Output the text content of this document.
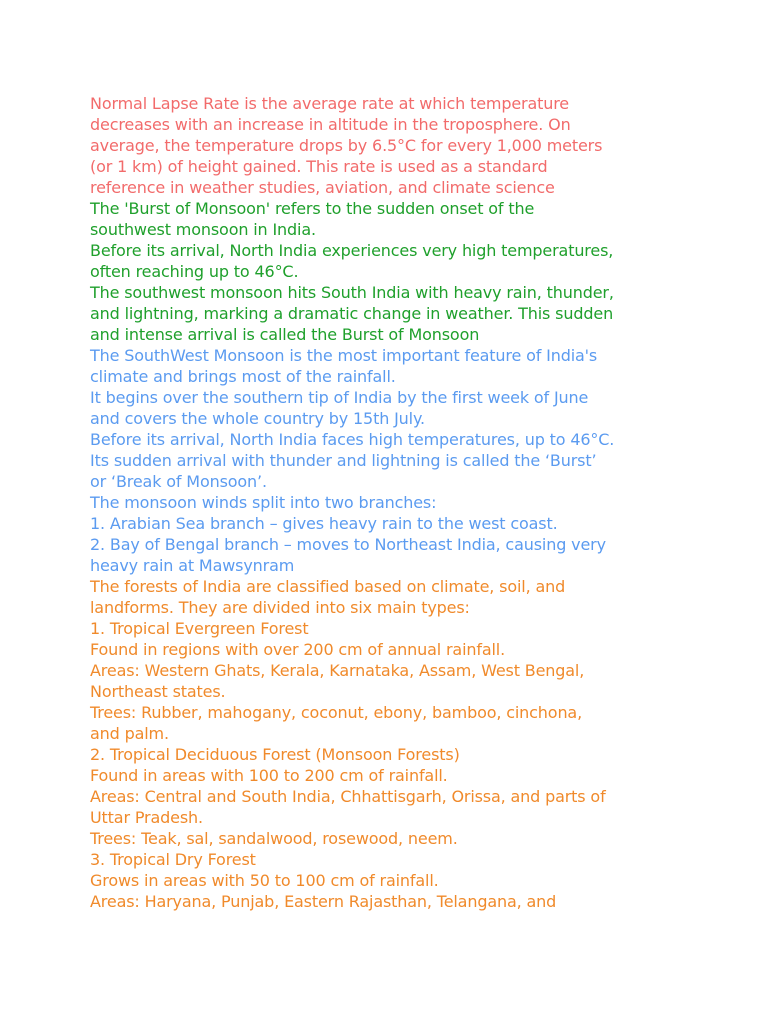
Normal Lapse Rate is the average rate at which temperature
decreases with an increase in altitude in the troposphere. On
average, the temperature drops by 6.5°C for every 1,000 meters
(or 1 km) of height gained. This rate is used as a standard
reference in weather studies, aviation, and climate science

The 'Burst of Monsoon' refers to the sudden onset of the
southwest monsoon in India.

Before its arrival, North India experiences very high temperatures,
often reaching up to 46°C.

The southwest monsoon hits South India with heavy rain, thunder,
and lightning, marking a dramatic change in weather. This sudden
and intense arrival is called the Burst of Monsoon

The SouthWest Monsoon is the most important feature of India's
climate and brings most of the rainfall.

It begins over the southern tip of India by the first week of June
and covers the whole country by 15th July.

Before its arrival, North India faces high temperatures, up to 46°C.
Its sudden arrival with thunder and lightning is called the ‘Burst’
or ‘Break of Monsoon’.

The monsoon winds split into two branches:

1. Arabian Sea branch – gives heavy rain to the west coast.

2. Bay of Bengal branch – moves to Northeast India, causing very
heavy rain at Mawsynram

The forests of India are classified based on climate, soil, and
landforms. They are divided into six main types:

1. Tropical Evergreen Forest

Found in regions with over 200 cm of annual rainfall.

Areas: Western Ghats, Kerala, Karnataka, Assam, West Bengal,
Northeast states.

Trees: Rubber, mahogany, coconut, ebony, bamboo, cinchona,
and palm.

2. Tropical Deciduous Forest (Monsoon Forests)

Found in areas with 100 to 200 cm of rainfall.

Areas: Central and South India, Chhattisgarh, Orissa, and parts of
Uttar Pradesh.

Trees: Teak, sal, sandalwood, rosewood, neem.

3. Tropical Dry Forest

Grows in areas with 50 to 100 cm of rainfall.

Areas: Haryana, Punjab, Eastern Rajasthan, Telangana, and
